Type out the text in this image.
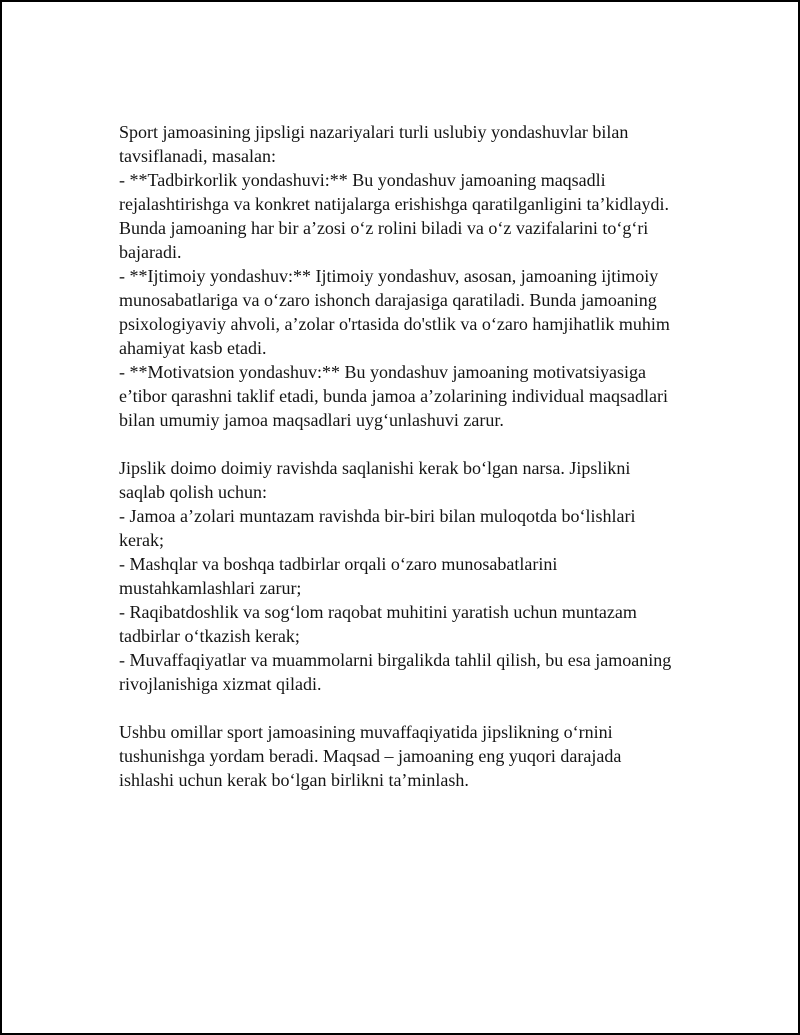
Sport jamoasining jipsligi nazariyalari turli uslubiy yondashuvlar bilan
tavsiflanadi, masalan:
- **Tadbirkorlik yondashuvi:** Bu yondashuv jamoaning maqsadli
rejalashtirishga va konkret natijalarga erishishga qaratilganligini ta’kidlaydi.
Bunda jamoaning har bir a’zosi o‘z rolini biladi va o‘z vazifalarini to‘g‘ri
bajaradi.
- **Ijtimoiy yondashuv:** Ijtimoiy yondashuv, asosan, jamoaning ijtimoiy
munosabatlariga va o‘zaro ishonch darajasiga qaratiladi. Bunda jamoaning
psixologiyaviy ahvoli, a’zolar o'rtasida do'stlik va o‘zaro hamjihatlik muhim
ahamiyat kasb etadi.
- **Motivatsion yondashuv:** Bu yondashuv jamoaning motivatsiyasiga
e’tibor qarashni taklif etadi, bunda jamoa a’zolarining individual maqsadlari
bilan umumiy jamoa maqsadlari uyg‘unlashuvi zarur.
Jipslik doimo doimiy ravishda saqlanishi kerak bo‘lgan narsa. Jipslikni
saqlab qolish uchun:
- Jamoa a’zolari muntazam ravishda bir-biri bilan muloqotda bo‘lishlari
kerak;
- Mashqlar va boshqa tadbirlar orqali o‘zaro munosabatlarini
mustahkamlashlari zarur;
- Raqibatdoshlik va sog‘lom raqobat muhitini yaratish uchun muntazam
tadbirlar o‘tkazish kerak;
- Muvaffaqiyatlar va muammolarni birgalikda tahlil qilish, bu esa jamoaning
rivojlanishiga xizmat qiladi.
Ushbu omillar sport jamoasining muvaffaqiyatida jipslikning o‘rnini
tushunishga yordam beradi. Maqsad – jamoaning eng yuqori darajada
ishlashi uchun kerak bo‘lgan birlikni ta’minlash.
